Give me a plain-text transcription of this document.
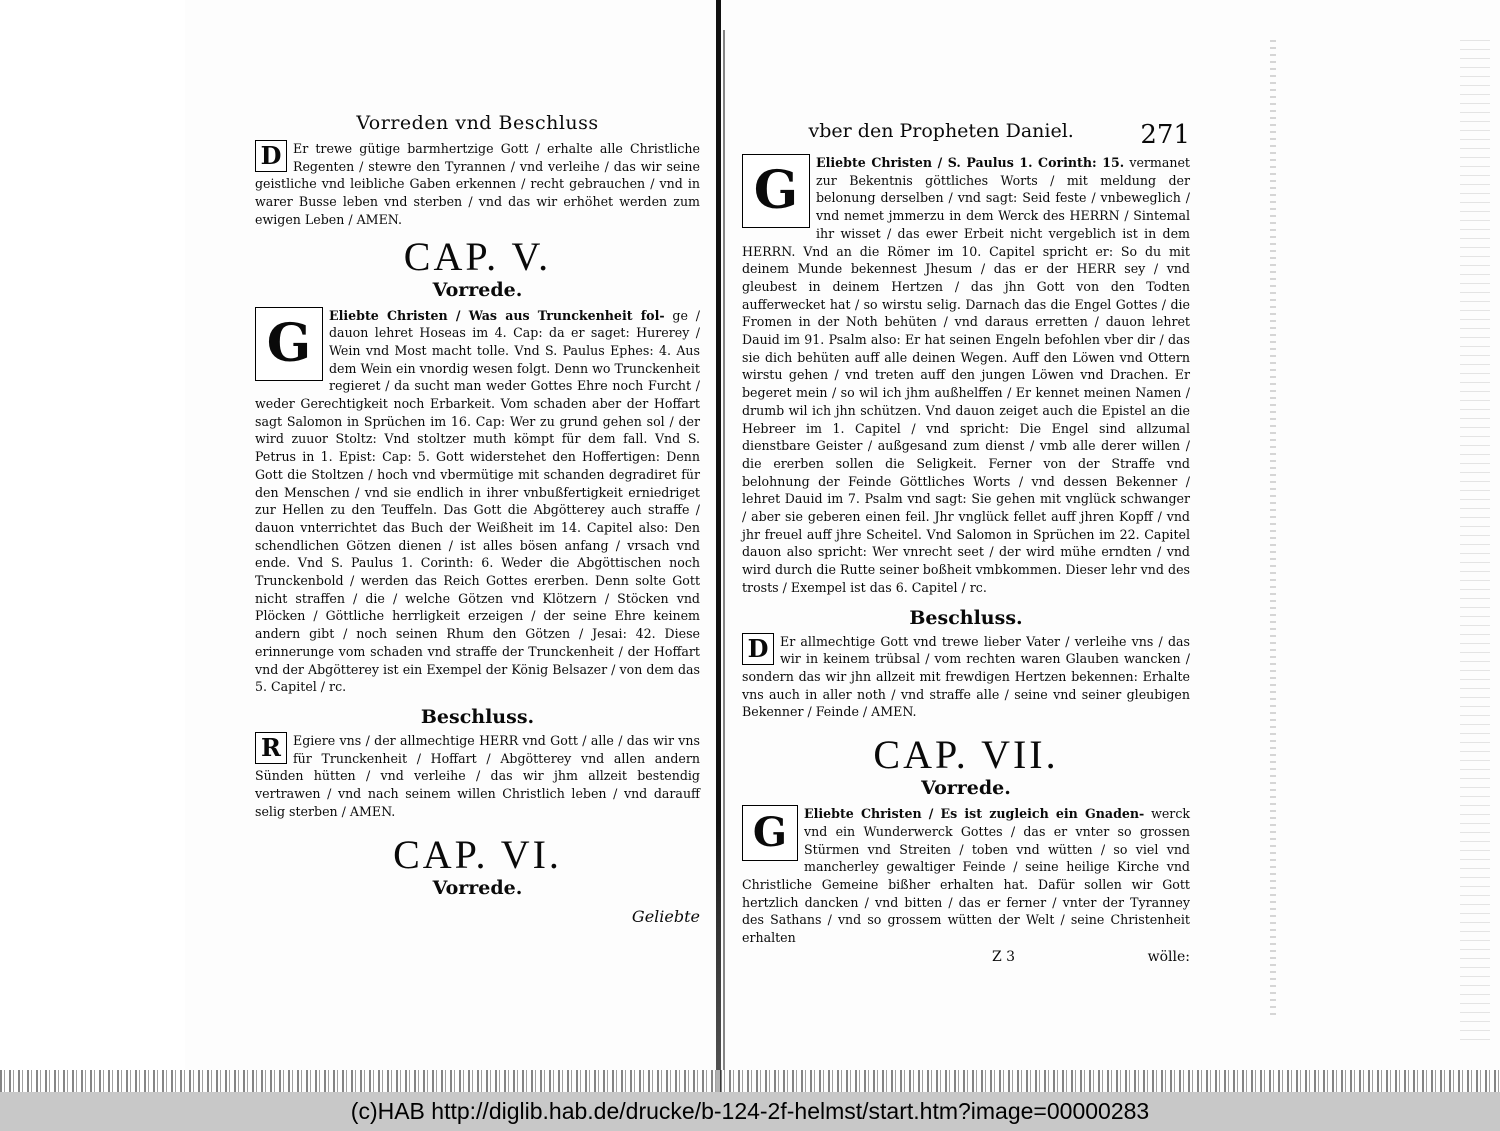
Vorreden vnd Beschluss

D Er trewe gütige barmhertzige Gott / erhalte alle Christliche Regenten / stewre den Tyrannen / vnd verleihe / das wir seine geistliche vnd leibliche Gaben erkennen / recht gebrauchen / vnd in warer Busse leben vnd sterben / vnd das wir erhöhet werden zum ewigen Leben / AMEN.

CAP. V.
Vorrede.

G	Eliebte Christen / Was aus Trunckenheit fol- ge / dauon lehret Hoseas im 4. Cap: da er saget: Hurerey / Wein vnd Most macht tolle. Vnd S. Paulus Ephes: 4. Aus dem Wein ein vnordig wesen folgt. Denn wo Trunckenheit regieret / da sucht man weder Gottes Ehre noch Furcht / weder Gerechtigkeit noch Erbarkeit. Vom schaden aber der Hoffart sagt Salomon in Sprüchen im 16. Cap: Wer zu grund gehen sol / der wird zuuor Stoltz: Vnd stoltzer muth kömpt für dem fall. Vnd S. Petrus in 1. Epist: Cap: 5. Gott widerstehet den Hoffertigen: Denn Gott die Stoltzen / hoch vnd vbermütige mit schanden degradiret für den Menschen / vnd sie endlich in ihrer vnbußfertigkeit erniedriget zur Hellen zu den Teuffeln. Das Gott die Abgötterey auch straffe / dauon vnterrichtet das Buch der Weißheit im 14. Capitel also: Den schendlichen Götzen dienen / ist alles bösen anfang / vrsach vnd ende. Vnd S. Paulus 1. Corinth: 6. Weder die Abgöttischen noch Trunckenbold / werden das Reich Gottes ererben. Denn solte Gott nicht straffen / die / welche Götzen vnd Klötzern / Stöcken vnd Plöcken / Göttliche herrligkeit erzeigen / der seine Ehre keinem andern gibt / noch seinen Rhum den Götzen / Jesai: 42. Diese erinnerunge vom schaden vnd straffe der Trunckenheit / der Hoffart vnd der Abgötterey ist ein Exempel der König Belsazer / von dem das 5. Capitel / rc.

Beschluss.

R Egiere vns / der allmechtige HERR vnd Gott / alle / das wir vns für Trunckenheit / Hoffart / Abgötterey vnd allen andern Sünden hütten / vnd verleihe / das wir jhm allzeit bestendig vertrawen / vnd nach seinem willen Christlich leben / vnd darauff selig sterben / AMEN.

CAP. VI.
Vorrede.
Geliebte
vber den Propheten Daniel.	271

G	Eliebte Christen / S. Paulus 1. Corinth: 15. vermanet zur Bekentnis göttliches Worts / mit meldung der belonung derselben / vnd sagt: Seid feste / vnbeweglich / vnd nemet jmmerzu in dem Werck des HERRN / Sintemal ihr wisset / das ewer Erbeit nicht vergeblich ist in dem HERRN. Vnd an die Römer im 10. Capitel spricht er: So du mit deinem Munde bekennest Jhesum / das er der HERR sey / vnd gleubest in deinem Hertzen / das jhn Gott von den Todten aufferwecket hat / so wirstu selig. Darnach das die Engel Gottes / die Fromen in der Noth behüten / vnd daraus erretten / dauon lehret Dauid im 91. Psalm also: Er hat seinen Engeln befohlen vber dir / das sie dich behüten auff alle deinen Wegen. Auff den Löwen vnd Ottern wirstu gehen / vnd treten auff den jungen Löwen vnd Drachen. Er begeret mein / so wil ich jhm außhelffen / Er kennet meinen Namen / drumb wil ich jhn schützen. Vnd dauon zeiget auch die Epistel an die Hebreer im 1. Capitel / vnd spricht: Die Engel sind allzumal dienstbare Geister / außgesand zum dienst / vmb alle derer willen / die ererben sollen die Seligkeit. Ferner von der Straffe vnd belohnung der Feinde Göttliches Worts / vnd dessen Bekenner / lehret Dauid im 7. Psalm vnd sagt: Sie gehen mit vnglück schwanger / aber sie geberen einen feil. Jhr vnglück fellet auff jhren Kopff / vnd jhr freuel auff jhre Scheitel. Vnd Salomon in Sprüchen im 22. Capitel dauon also spricht: Wer vnrecht seet / der wird mühe erndten / vnd wird durch die Rutte seiner boßheit vmbkommen. Dieser lehr vnd des trosts / Exempel ist das 6. Capitel / rc.

Beschluss.

D Er allmechtige Gott vnd trewe lieber Vater / verleihe vns / das wir in keinem trübsal / vom rechten waren Glauben wancken / sondern das wir jhn allzeit mit frewdigen Hertzen bekennen: Erhalte vns auch in aller noth / vnd straffe alle / seine vnd seiner gleubigen Bekenner / Feinde / AMEN.

CAP. VII.
Vorrede.

G	Eliebte Christen / Es ist zugleich ein Gnaden- werck vnd ein Wunderwerck Gottes / das er vnter so grossen Stürmen vnd Streiten / toben vnd wütten / so viel vnd mancherley gewaltiger Feinde / seine heilige Kirche vnd Christliche Gemeine bißher erhalten hat. Dafür sollen wir Gott hertzlich dancken / vnd bitten / das er ferner / vnter der Tyranney des Sathans / vnd so grossem wütten der Welt / seine Christenheit erhalten

Z 3	wölle:
(c)HAB http://diglib.hab.de/drucke/b-124-2f-helmst/start.htm?image=00000283
